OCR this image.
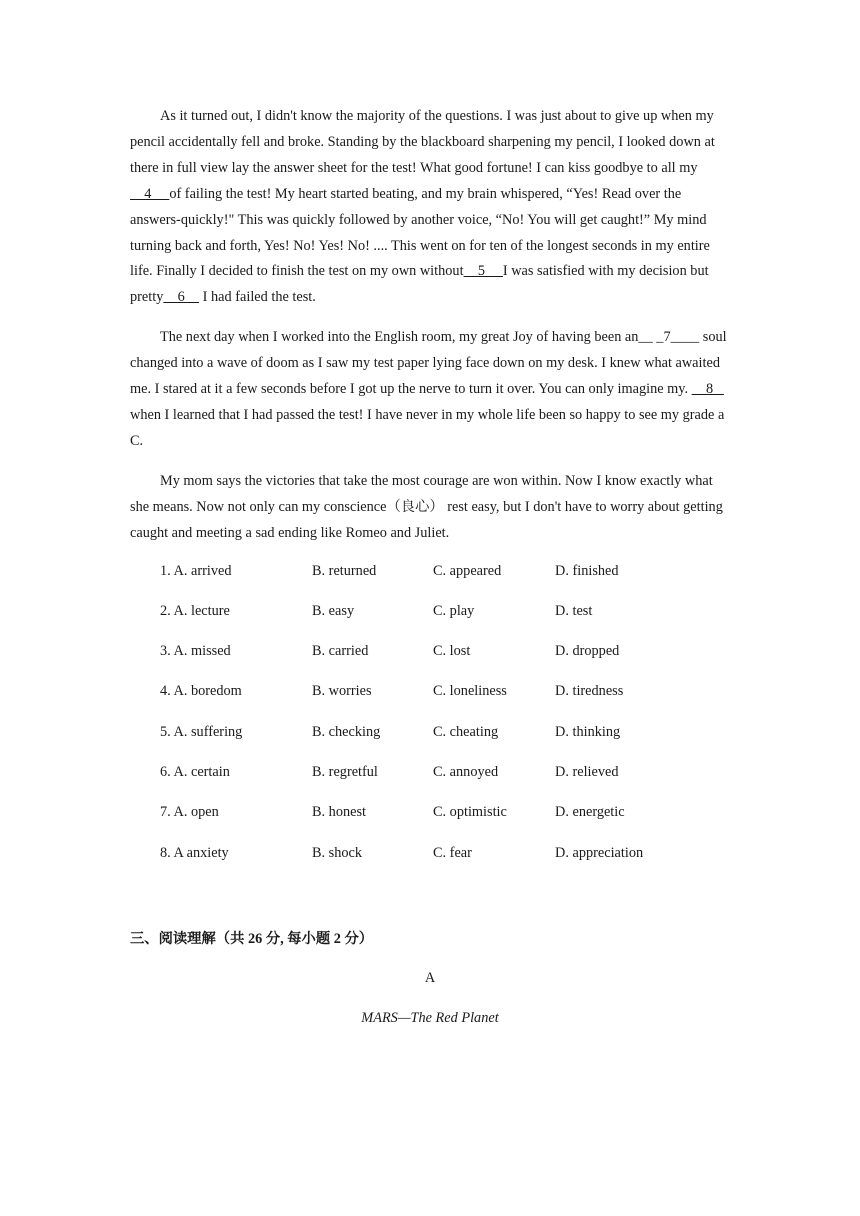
As it turned out, I didn't know the majority of the questions. I was just about to give up when my pencil accidentally fell and broke. Standing by the blackboard sharpening my pencil, I looked down at there in full view lay the answer sheet for the test! What good fortune! I can kiss goodbye to all my    4     of failing the test! My heart started beating, and my brain whispered, “Yes! Read over the answers-quickly!" This was quickly followed by another voice, “No! You will get caught!” My mind turning back and forth, Yes! No! Yes! No! .... This went on for ten of the longest seconds in my entire life. Finally I decided to finish the test on my own without    5     I was satisfied with my decision but pretty    6     I had failed the test.

The next day when I worked into the English room, my great Joy of having been an__ _7____ soul changed into a wave of doom as I saw my test paper lying face down on my desk. I knew what awaited me. I stared at it a few seconds before I got up the nerve to turn it over. You can only imagine my.     8    when I learned that I had passed the test! I have never in my whole life been so happy to see my grade a C.

My mom says the victories that take the most courage are won within. Now I know exactly what she means. Now not only can my conscience（良心） rest easy, but I don't have to worry about getting caught and meeting a sad ending like Romeo and Juliet.

1. A. arrived	B. returned	C. appeared	D. finished
2. A. lecture	B. easy	C. play	D. test
3. A. missed	B. carried	C. lost	D. dropped
4. A. boredom	B. worries	C. loneliness	D. tiredness
5. A. suffering	B. checking	C. cheating	D. thinking
6. A. certain	B. regretful	C. annoyed	D. relieved
7. A. open	B. honest	C. optimistic	D. energetic
8. A anxiety	B. shock	C. fear	D. appreciation
三、阅读理解（共 26 分, 每小题 2 分）
A
MARS—The Red Planet
